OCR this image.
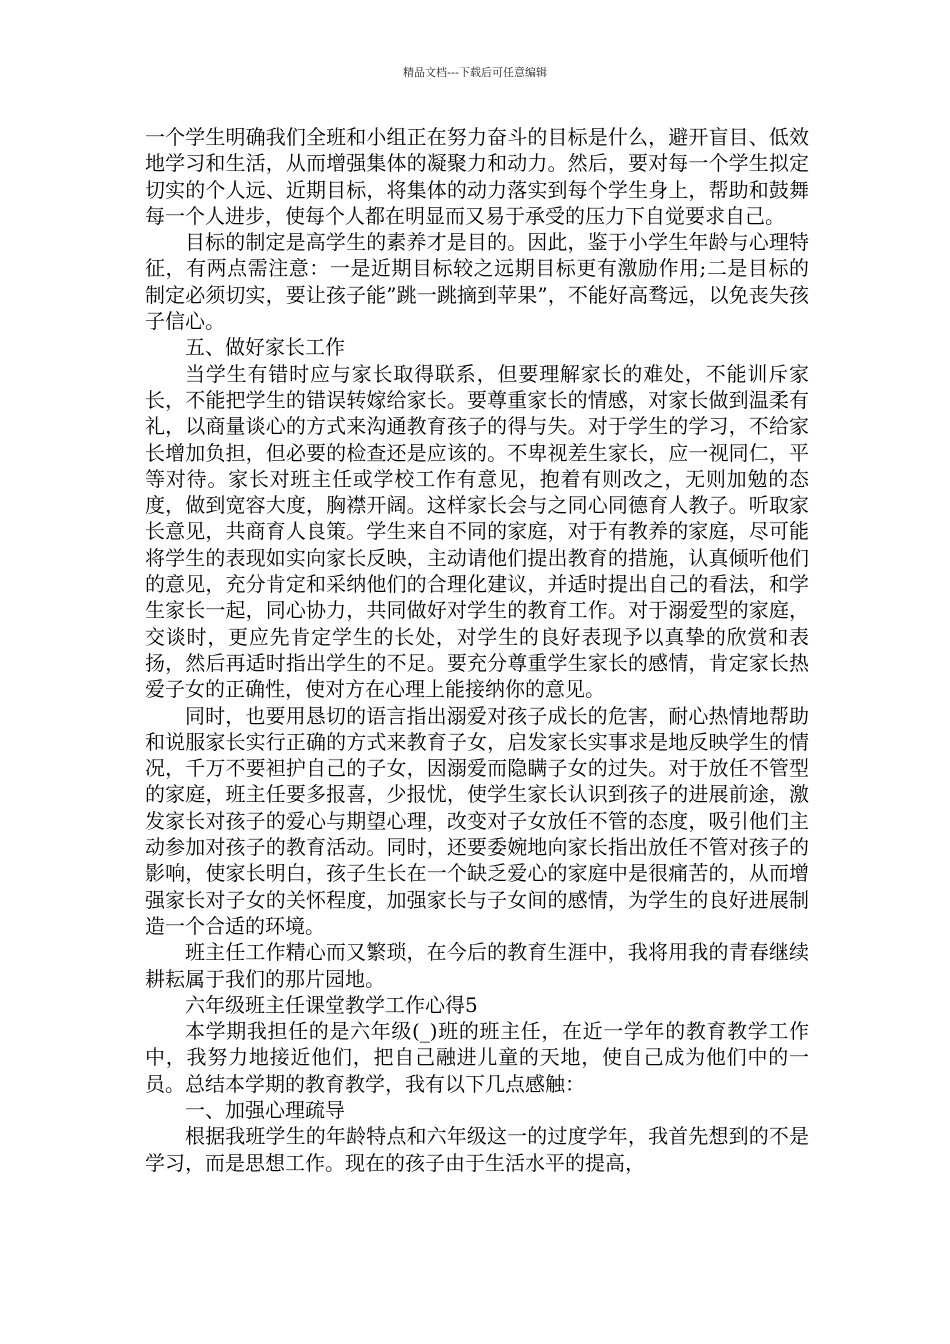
精品文档---下载后可任意编辑

一个学生明确我们全班和小组正在努力奋斗的目标是什么，避开盲目、低效地学习和生活，从而增强集体的凝聚力和动力。然后，要对每一个学生拟定切实的个人远、近期目标，将集体的动力落实到每个学生身上，帮助和鼓舞每一个人进步，使每个人都在明显而又易于承受的压力下自觉要求自己。

目标的制定是高学生的素养才是目的。因此，鉴于小学生年龄与心理特征，有两点需注意：一是近期目标较之远期目标更有激励作用;二是目标的制定必须切实，要让孩子能”跳一跳摘到苹果”，不能好高骛远，以免丧失孩子信心。

五、做好家长工作

当学生有错时应与家长取得联系，但要理解家长的难处，不能训斥家长，不能把学生的错误转嫁给家长。要尊重家长的情感，对家长做到温柔有礼，以商量谈心的方式来沟通教育孩子的得与失。对于学生的学习，不给家长增加负担，但必要的检查还是应该的。不卑视差生家长，应一视同仁，平等对待。家长对班主任或学校工作有意见，抱着有则改之，无则加勉的态度，做到宽容大度，胸襟开阔。这样家长会与之同心同德育人教子。听取家长意见，共商育人良策。学生来自不同的家庭，对于有教养的家庭，尽可能将学生的表现如实向家长反映，主动请他们提出教育的措施，认真倾听他们的意见，充分肯定和采纳他们的合理化建议，并适时提出自己的看法，和学生家长一起，同心协力，共同做好对学生的教育工作。对于溺爱型的家庭，交谈时，更应先肯定学生的长处，对学生的良好表现予以真挚的欣赏和表扬，然后再适时指出学生的不足。要充分尊重学生家长的感情，肯定家长热爱子女的正确性，使对方在心理上能接纳你的意见。

同时，也要用恳切的语言指出溺爱对孩子成长的危害，耐心热情地帮助和说服家长实行正确的方式来教育子女，启发家长实事求是地反映学生的情况，千万不要袒护自己的子女，因溺爱而隐瞒子女的过失。对于放任不管型的家庭，班主任要多报喜，少报忧，使学生家长认识到孩子的进展前途，激发家长对孩子的爱心与期望心理，改变对子女放任不管的态度，吸引他们主动参加对孩子的教育活动。同时，还要委婉地向家长指出放任不管对孩子的影响，使家长明白，孩子生长在一个缺乏爱心的家庭中是很痛苦的，从而增强家长对子女的关怀程度，加强家长与子女间的感情，为学生的良好进展制造一个合适的环境。

班主任工作精心而又繁琐，在今后的教育生涯中，我将用我的青春继续耕耘属于我们的那片园地。

六年级班主任课堂教学工作心得5

本学期我担任的是六年级(_)班的班主任，在近一学年的教育教学工作中，我努力地接近他们，把自己融进儿童的天地，使自己成为他们中的一员。总结本学期的教育教学，我有以下几点感触：

一、加强心理疏导

根据我班学生的年龄特点和六年级这一的过度学年，我首先想到的不是学习，而是思想工作。现在的孩子由于生活水平的提高，
